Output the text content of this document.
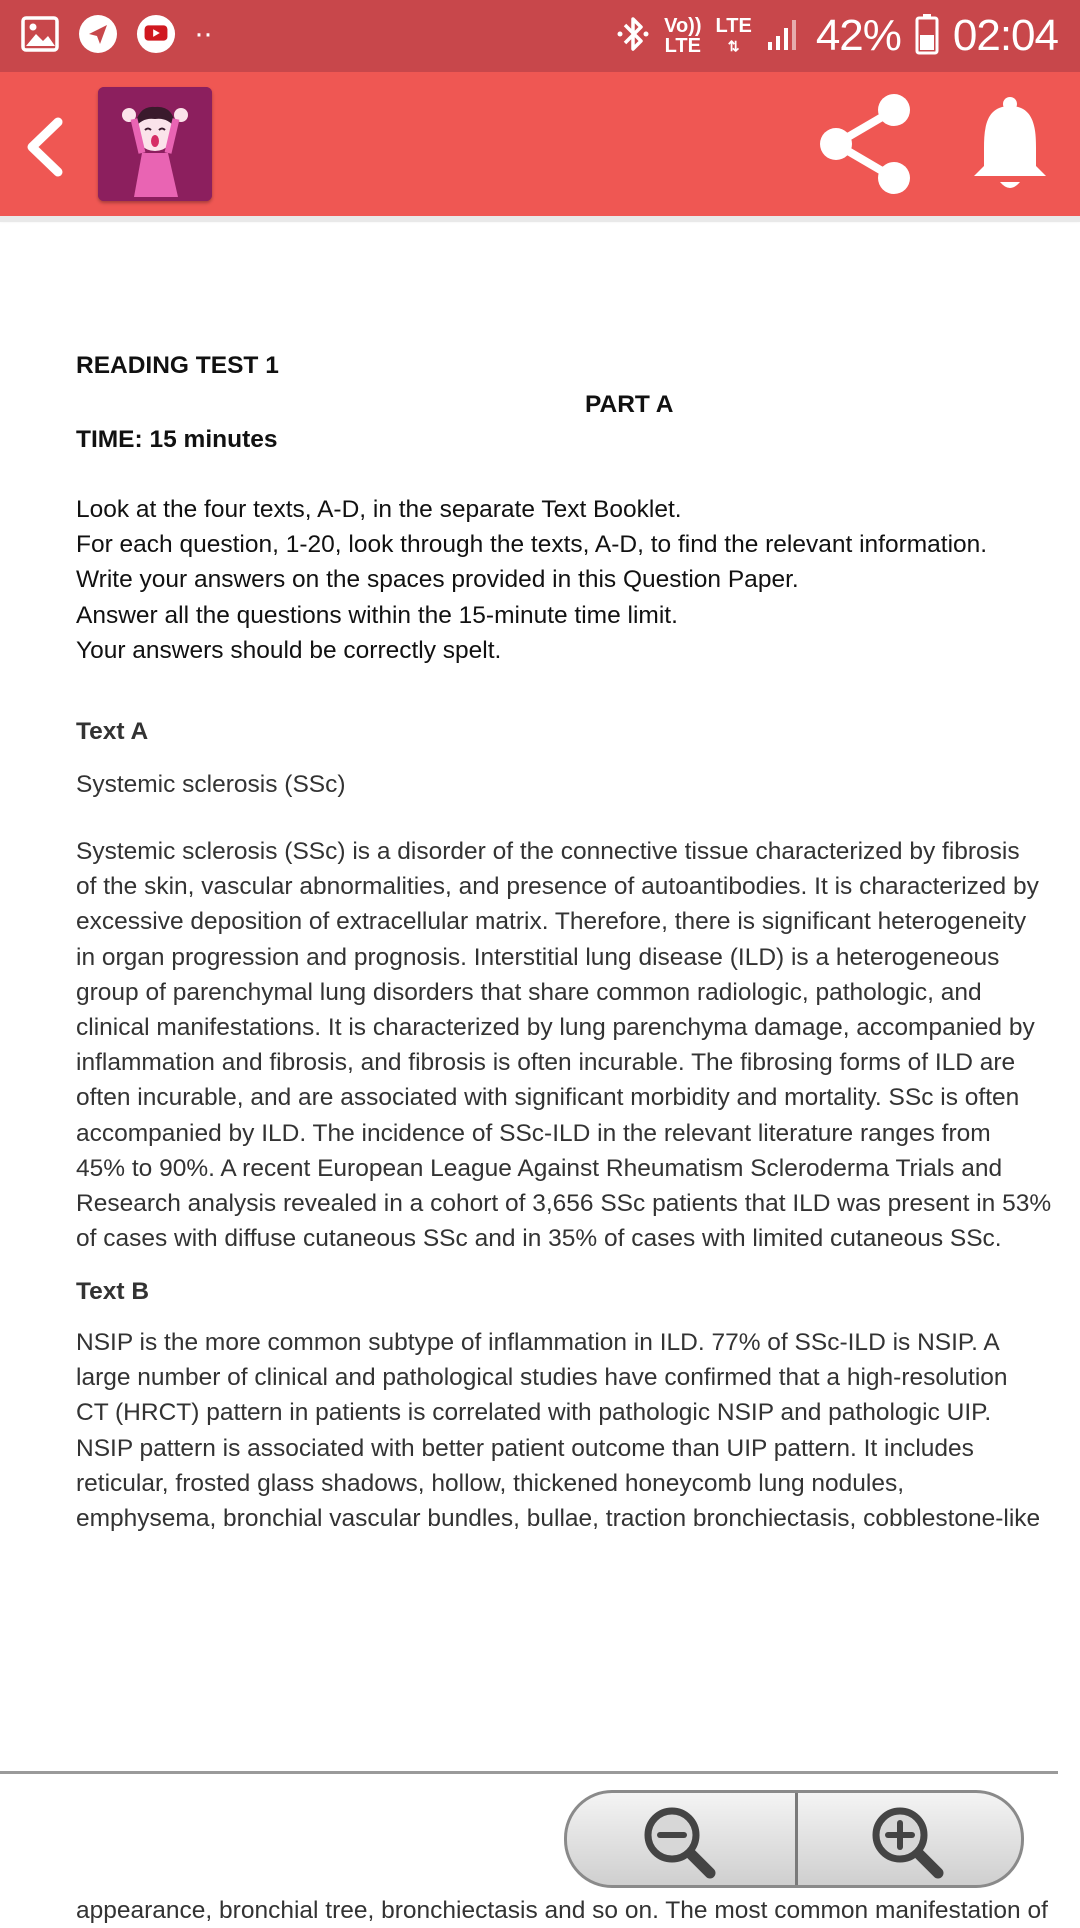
··	Vo))
LTE
LTE
⇅ 42% 02:04
READING TEST 1
PART A
TIME: 15 minutes
Look at the four texts, A-D, in the separate Text Booklet.
For each question, 1-20, look through the texts, A-D, to find the relevant information.
Write your answers on the spaces provided in this Question Paper.
Answer all the questions within the 15-minute time limit.
Your answers should be correctly spelt.
Text A
Systemic sclerosis (SSc)
Systemic sclerosis (SSc) is a disorder of the connective tissue characterized by fibrosis
of the skin, vascular abnormalities, and presence of autoantibodies. It is characterized by
excessive deposition of extracellular matrix. Therefore, there is significant heterogeneity
in organ progression and prognosis. Interstitial lung disease (ILD) is a heterogeneous
group of parenchymal lung disorders that share common radiologic, pathologic, and
clinical manifestations. It is characterized by lung parenchyma damage, accompanied by
inflammation and fibrosis, and fibrosis is often incurable. The fibrosing forms of ILD are
often incurable, and are associated with significant morbidity and mortality. SSc is often
accompanied by ILD. The incidence of SSc-ILD in the relevant literature ranges from
45% to 90%. A recent European League Against Rheumatism Scleroderma Trials and
Research analysis revealed in a cohort of 3,656 SSc patients that ILD was present in 53%
of cases with diffuse cutaneous SSc and in 35% of cases with limited cutaneous SSc.
Text B
NSIP is the more common subtype of inflammation in ILD. 77% of SSc-ILD is NSIP. A
large number of clinical and pathological studies have confirmed that a high-resolution
CT (HRCT) pattern in patients is correlated with pathologic NSIP and pathologic UIP.
NSIP pattern is associated with better patient outcome than UIP pattern. It includes
reticular, frosted glass shadows, hollow, thickened honeycomb lung nodules,
emphysema, bronchial vascular bundles, bullae, traction bronchiectasis, cobblestone-like
appearance, bronchial tree, bronchiectasis and so on. The most common manifestation of
